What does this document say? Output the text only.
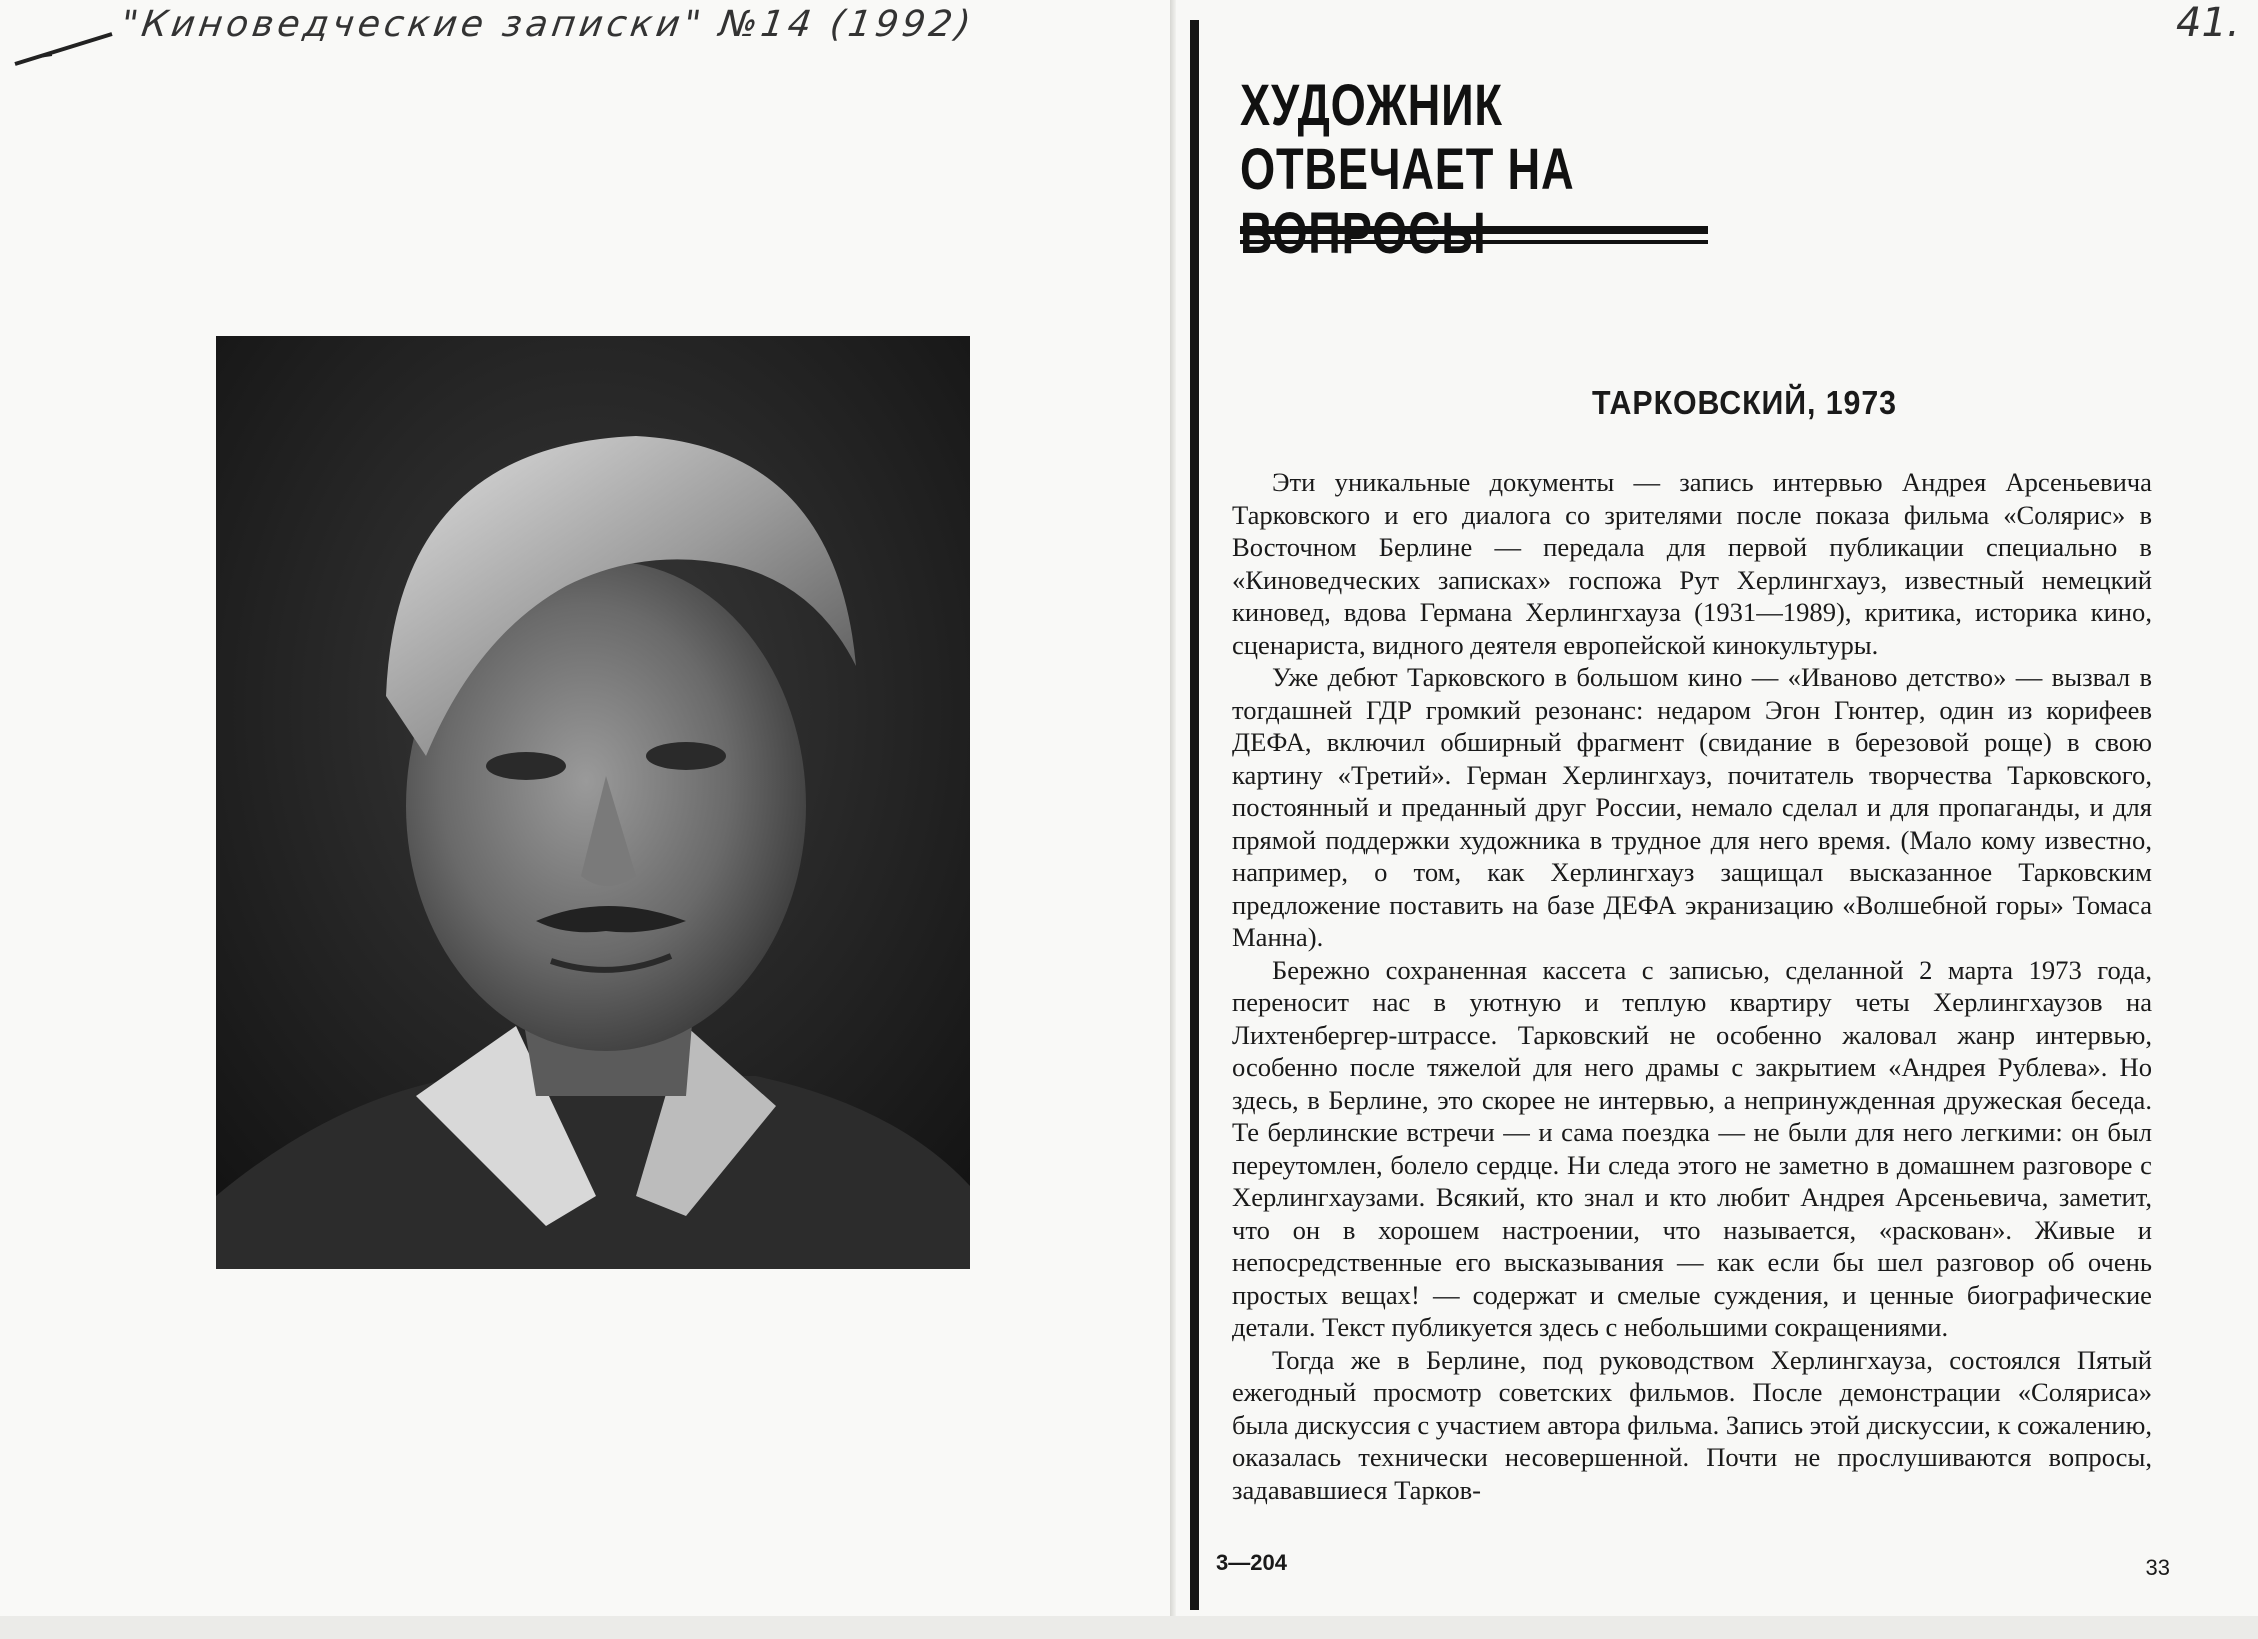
"Киноведческие записки" №14 (1992)	41.
ХУДОЖНИК
ОТВЕЧАЕТ НА
ТАРКОВСКИЙ, 1973

Эти уникальные документы — запись интервью Андрея Арсеньевича Тарковского и его диалога со зрителями после показа фильма «Солярис» в Восточном Берлине — передала для первой публикации специально в «Киноведческих записках» госпожа Рут Херлингхауз, известный немецкий киновед, вдова Германа Херлингхауза (1931—1989), критика, историка кино, сценариста, видного деятеля европейской кинокультуры.

Уже дебют Тарковского в большом кино — «Иваново детство» — вызвал в тогдашней ГДР громкий резонанс: недаром Эгон Гюнтер, один из корифеев ДЕФА, включил обширный фрагмент (свидание в березовой роще) в свою картину «Третий». Герман Херлингхауз, почитатель творчества Тарковского, постоянный и преданный друг России, немало сделал и для пропаганды, и для прямой поддержки художника в трудное для него время. (Мало кому известно, например, о том, как Херлингхауз защищал высказанное Тарковским предложение поставить на базе ДЕФА экранизацию «Волшебной горы» Томаса Манна).

Бережно сохраненная кассета с записью, сделанной 2 марта 1973 года, переносит нас в уютную и теплую квартиру четы Херлингхаузов на Лихтенбергер-штрассе. Тарковский не особенно жаловал жанр интервью, особенно после тяжелой для него драмы с закрытием «Андрея Рублева». Но здесь, в Берлине, это скорее не интервью, а непринужденная дружеская беседа. Те берлинские встречи — и сама поездка — не были для него легкими: он был переутомлен, болело сердце. Ни следа этого не заметно в домашнем разговоре с Херлингхаузами. Всякий, кто знал и кто любит Андрея Арсеньевича, заметит, что он в хорошем настроении, что называется, «раскован». Живые и непосредственные его высказывания — как если бы шел разговор об очень простых вещах! — содержат и смелые суждения, и ценные биографические детали. Текст публикуется здесь с небольшими сокращениями.

Тогда же в Берлине, под руководством Херлингхауза, состоялся Пятый ежегодный просмотр советских фильмов. После демонстрации «Соляриса» была дискуссия с участием автора фильма. Запись этой дискуссии, к сожалению, оказалась технически несовершенной. Почти не прослушиваются вопросы, задававшиеся Тарков-

3—204	33
